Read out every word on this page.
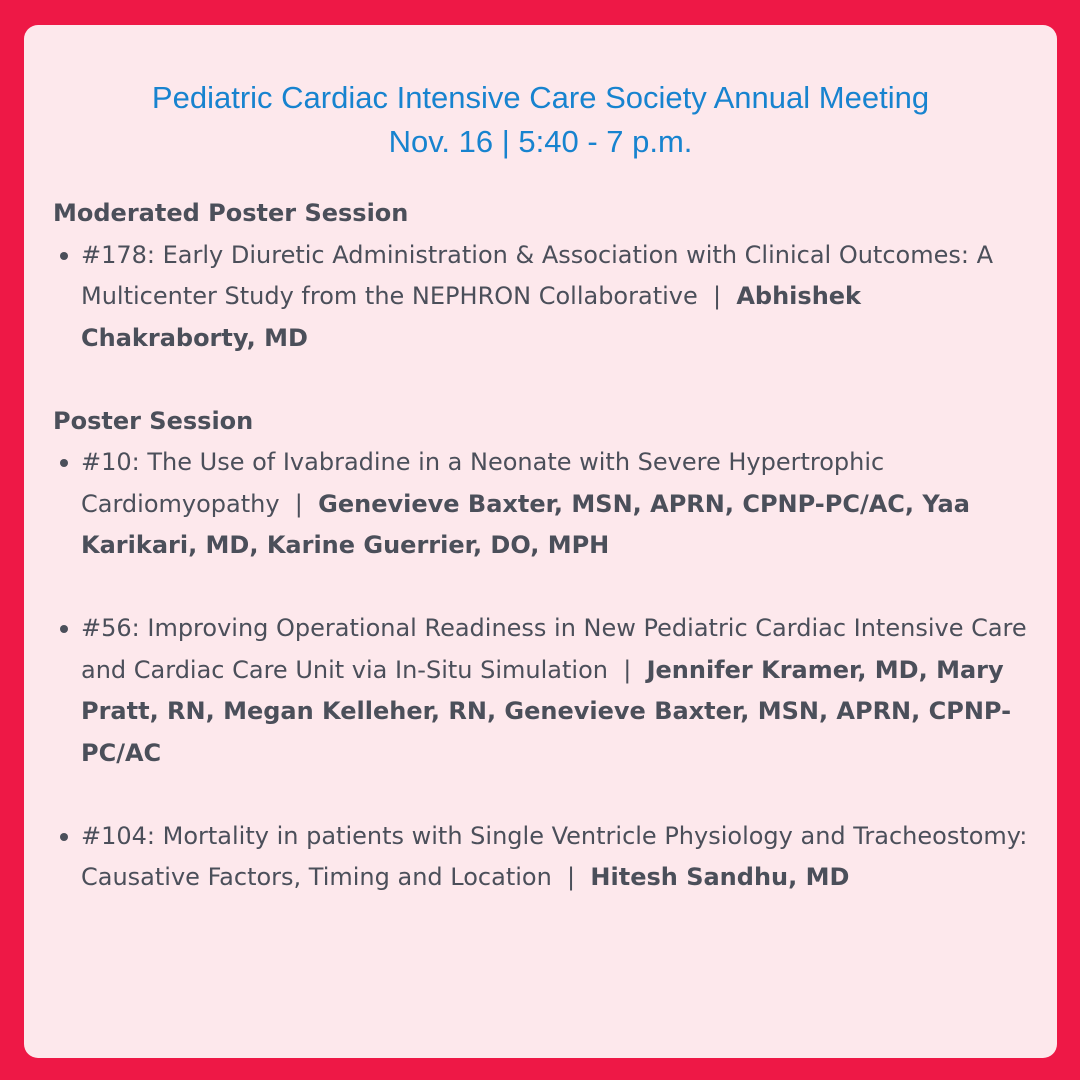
Pediatric Cardiac Intensive Care Society Annual Meeting
Nov. 16 | 5:40 - 7 p.m.
Moderated Poster Session
#178: Early Diuretic Administration & Association with Clinical Outcomes: A Multicenter Study from the NEPHRON Collaborative  |  Abhishek Chakraborty, MD
Poster Session
#10: The Use of Ivabradine in a Neonate with Severe Hypertrophic Cardiomyopathy  |  Genevieve Baxter, MSN, APRN, CPNP-PC/AC, Yaa Karikari, MD, Karine Guerrier, DO, MPH
#56: Improving Operational Readiness in New Pediatric Cardiac Intensive Care and Cardiac Care Unit via In-Situ Simulation  |  Jennifer Kramer, MD, Mary Pratt, RN, Megan Kelleher, RN, Genevieve Baxter, MSN, APRN, CPNP-PC/AC
#104: Mortality in patients with Single Ventricle Physiology and Tracheostomy: Causative Factors, Timing and Location  |  Hitesh Sandhu, MD
